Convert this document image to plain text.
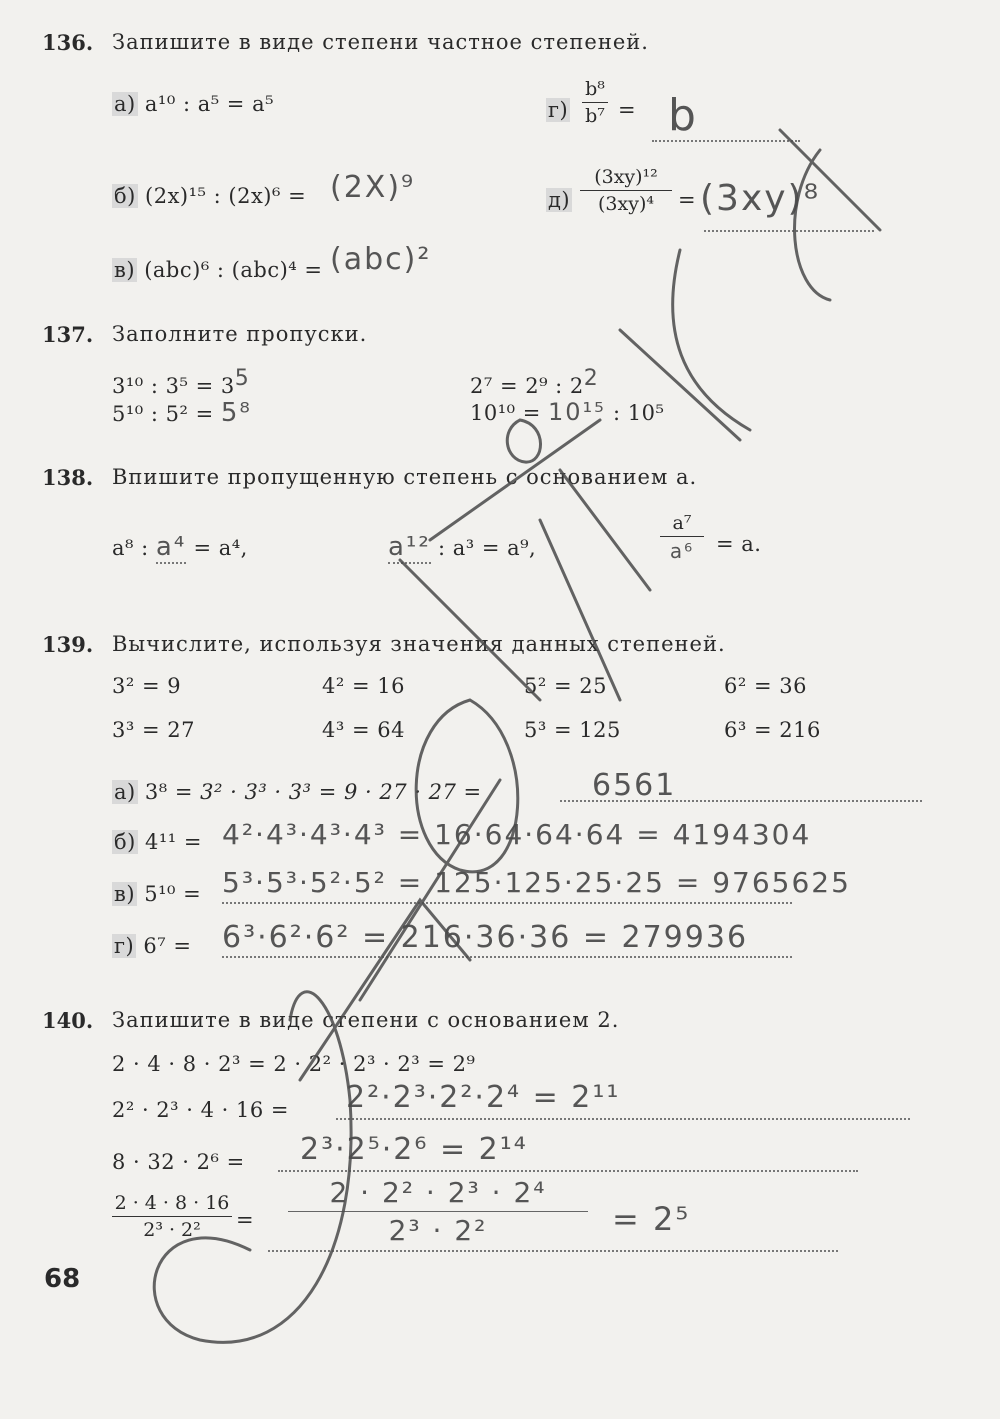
136. Запишите в виде степени частное степеней.
а) a¹⁰ : a⁵ = a⁵
б) (2x)¹⁵ : (2x)⁶ = (2X)⁹
в) (abc)⁶ : (abc)⁴ = (abc)²
г)
b⁸
b⁷ = b
д)
(3xy)¹²
(3xy)⁴	= (3xy)⁸
137. Заполните пропуски.
3¹⁰ : 3⁵ = 35
5¹⁰ : 5² = 5⁸
2⁷ = 2⁹ : 22
10¹⁰ = 10¹⁵ : 10⁵
138. Впишите пропущенную степень с основанием a.
a⁸ : a⁴ = a⁴,	a¹² : a³ = a⁹,
a⁷
a⁶	= a.
139. Вычислите, используя значения данных степеней.
3² = 9	4² = 16	5² = 25	6² = 36
3³ = 27	4³ = 64	5³ = 125	6³ = 216
а) 3⁸ = 3² · 3³ · 3³ = 9 · 27 · 27 =	6561
б) 4¹¹ = 4²·4³·4³·4³ = 16·64·64·64 = 4194304
в) 5¹⁰ = 5³·5³·5²·5² = 125·125·25·25 = 9765625
г) 6⁷ = 6³·6²·6² = 216·36·36 = 279936
140. Запишите в виде степени с основанием 2.
2 · 4 · 8 · 2³ = 2 · 2² · 2³ · 2³ = 2⁹
2² · 2³ · 4 · 16 = 2²·2³·2²·2⁴ = 2¹¹
8 · 32 · 2⁶ = 2³·2⁵·2⁶ = 2¹⁴
2 · 4 · 8 · 16
2³ · 2²	=
2 · 2² · 2³ · 2⁴
2³ · 2²	= 2⁵
68
